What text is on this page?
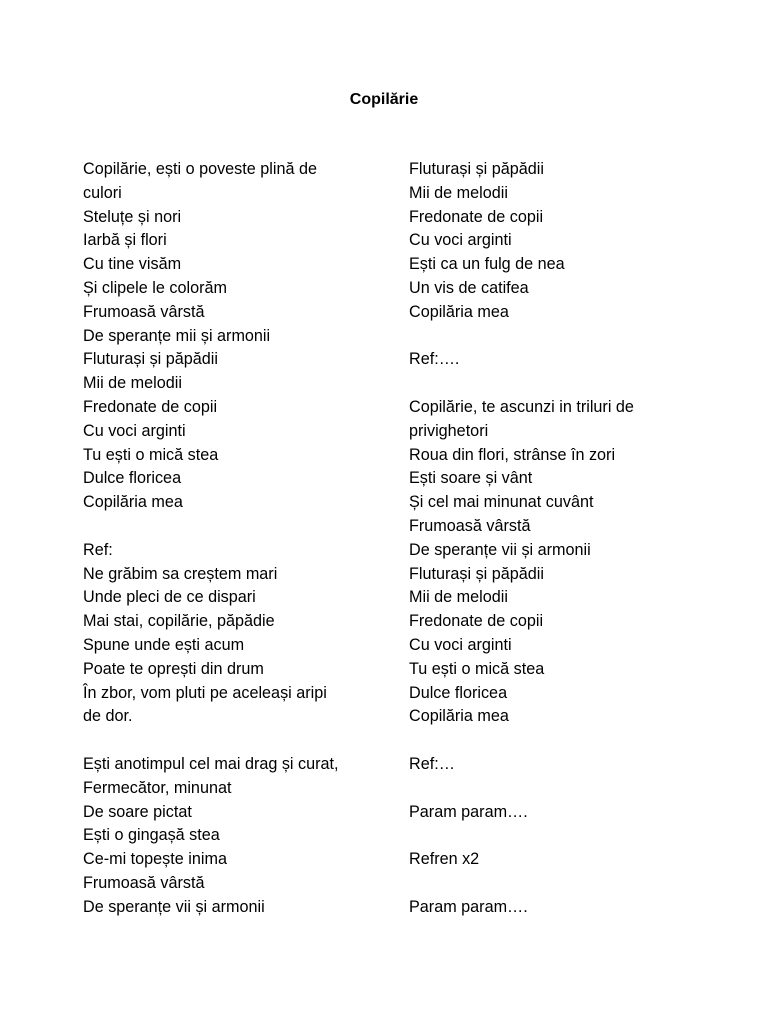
Copilărie
Copilărie, ești o poveste plină de
culori
Steluțe și nori
Iarbă și flori
Cu tine visăm
Și clipele le colorăm
Frumoasă vârstă
De speranțe mii și armonii
Fluturași și păpădii
Mii de melodii
Fredonate de copii
Cu voci arginti
Tu ești o mică stea
Dulce floricea
Copilăria mea
Ref:
Ne grăbim sa creștem mari
Unde pleci de ce dispari
Mai stai, copilărie, păpădie
Spune unde ești acum
Poate te oprești din drum
În zbor, vom pluti pe aceleași aripi
de dor.
Ești anotimpul cel mai drag și curat,
Fermecător, minunat
De soare pictat
Ești o gingașă stea
Ce-mi topește inima
Frumoasă vârstă
De speranțe vii și armonii
Fluturași și păpădii
Mii de melodii
Fredonate de copii
Cu voci arginti
Ești ca un fulg de nea
Un vis de catifea
Copilăria mea
Ref:….
Copilărie, te ascunzi in triluri de
privighetori
Roua din flori, strânse în zori
Ești soare și vânt
Și cel mai minunat cuvânt
Frumoasă vârstă
De speranțe vii și armonii
Fluturași și păpădii
Mii de melodii
Fredonate de copii
Cu voci arginti
Tu ești o mică stea
Dulce floricea
Copilăria mea
Ref:…
Param param….
Refren x2
Param param….
